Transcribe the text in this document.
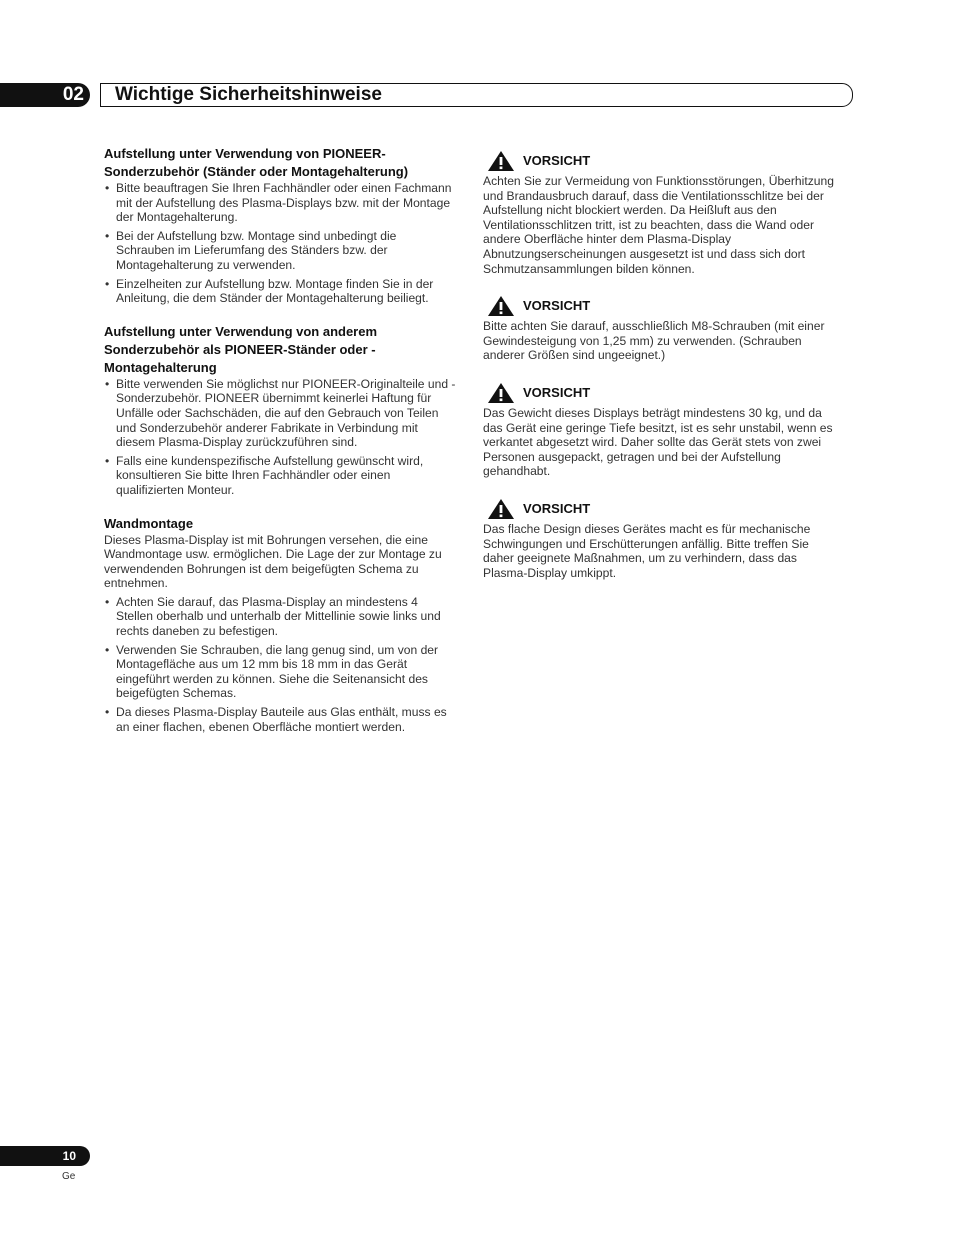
02 Wichtige Sicherheitshinweise
Aufstellung unter Verwendung von PIONEER-Sonderzubehör (Ständer oder Montagehalterung)
• Bitte beauftragen Sie Ihren Fachhändler oder einen Fachmann mit der Aufstellung des Plasma-Displays bzw. mit der Montage der Montagehalterung.
• Bei der Aufstellung bzw. Montage sind unbedingt die Schrauben im Lieferumfang des Ständers bzw. der Montagehalterung zu verwenden.
• Einzelheiten zur Aufstellung bzw. Montage finden Sie in der Anleitung, die dem Ständer der Montagehalterung beiliegt.
Aufstellung unter Verwendung von anderem Sonderzubehör als PIONEER-Ständer oder -Montagehalterung
• Bitte verwenden Sie möglichst nur PIONEER-Originalteile und -Sonderzubehör. PIONEER übernimmt keinerlei Haftung für Unfälle oder Sachschäden, die auf den Gebrauch von Teilen und Sonderzubehör anderer Fabrikate in Verbindung mit diesem Plasma-Display zurückzuführen sind.
• Falls eine kundenspezifische Aufstellung gewünscht wird, konsultieren Sie bitte Ihren Fachhändler oder einen qualifizierten Monteur.
Wandmontage

Dieses Plasma-Display ist mit Bohrungen versehen, die eine Wandmontage usw. ermöglichen. Die Lage der zur Montage zu verwendenden Bohrungen ist dem beigefügten Schema zu entnehmen.

• Achten Sie darauf, das Plasma-Display an mindestens 4 Stellen oberhalb und unterhalb der Mittellinie sowie links und rechts daneben zu befestigen.
• Verwenden Sie Schrauben, die lang genug sind, um von der Montagefläche aus um 12 mm bis 18 mm in das Gerät eingeführt werden zu können. Siehe die Seitenansicht des beigefügten Schemas.
• Da dieses Plasma-Display Bauteile aus Glas enthält, muss es an einer flachen, ebenen Oberfläche montiert werden.
VORSICHT

Achten Sie zur Vermeidung von Funktionsstörungen, Überhitzung und Brandausbruch darauf, dass die Ventilationsschlitze bei der Aufstellung nicht blockiert werden. Da Heißluft aus den Ventilationsschlitzen tritt, ist zu beachten, dass die Wand oder andere Oberfläche hinter dem Plasma-Display Abnutzungserscheinungen ausgesetzt ist und dass sich dort Schmutzansammlungen bilden können.

VORSICHT

Bitte achten Sie darauf, ausschließlich M8-Schrauben (mit einer Gewindesteigung von 1,25 mm) zu verwenden. (Schrauben anderer Größen sind ungeeignet.)

VORSICHT

Das Gewicht dieses Displays beträgt mindestens 30 kg, und da das Gerät eine geringe Tiefe besitzt, ist es sehr unstabil, wenn es verkantet abgesetzt wird. Daher sollte das Gerät stets von zwei Personen ausgepackt, getragen und bei der Aufstellung gehandhabt.

VORSICHT

Das flache Design dieses Gerätes macht es für mechanische Schwingungen und Erschütterungen anfällig. Bitte treffen Sie daher geeignete Maßnahmen, um zu verhindern, dass das Plasma-Display umkippt.

10
Ge
